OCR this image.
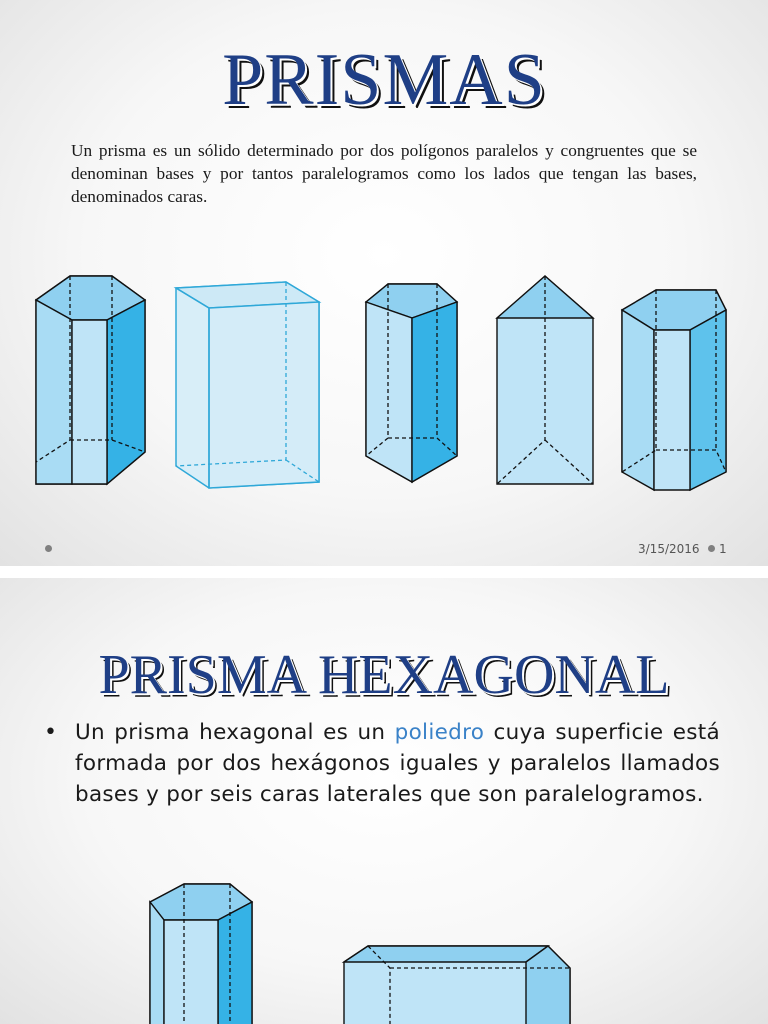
PRISMAS

Un prisma es un sólido determinado por dos polígonos paralelos y congruentes que se denominan bases y por tantos paralelogramos como los lados que tengan las bases, denominados caras.

3/15/2016 1
PRISMA HEXAGONAL
• Un prisma hexagonal es un poliedro cuya superficie está formada por dos hexágonos iguales y paralelos llamados bases y por seis caras laterales que son paralelogramos.
